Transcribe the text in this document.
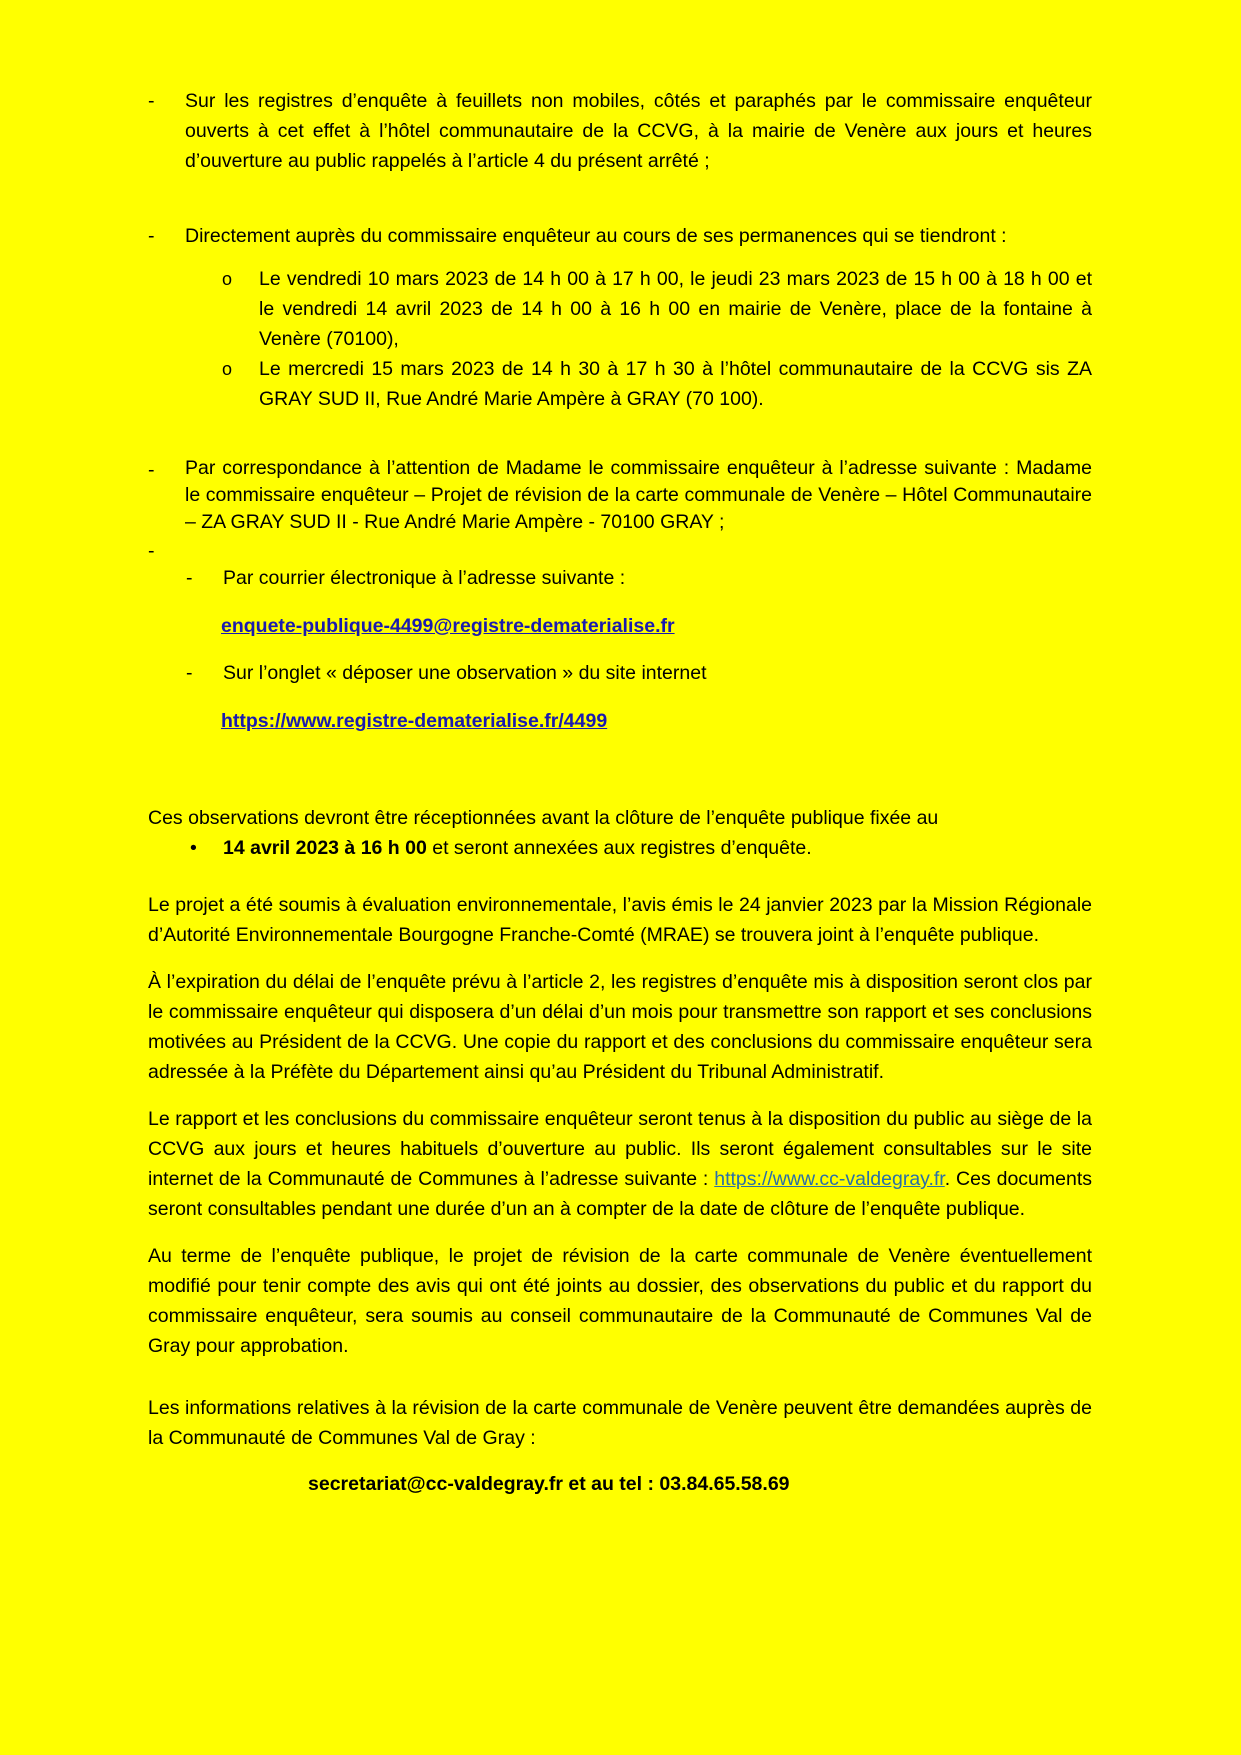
- Sur les registres d’enquête à feuillets non mobiles, côtés et paraphés par le commissaire enquêteur ouverts à cet effet à l’hôtel communautaire de la CCVG, à la mairie de Venère aux jours et heures d’ouverture au public rappelés à l’article 4 du présent arrêté ;
- Directement auprès du commissaire enquêteur au cours de ses permanences qui se tiendront :
o Le vendredi 10 mars 2023 de 14 h 00 à 17 h 00, le jeudi 23 mars 2023 de 15 h 00 à 18 h 00 et le vendredi 14 avril 2023 de 14 h 00 à 16 h 00 en mairie de Venère, place de la fontaine à Venère (70100),
o Le mercredi 15 mars 2023 de 14 h 30 à 17 h 30 à l’hôtel communautaire de la CCVG sis ZA GRAY SUD II, Rue André Marie Ampère à GRAY (70 100).
- Par correspondance à l’attention de Madame le commissaire enquêteur à l’adresse suivante : Madame le commissaire enquêteur – Projet de révision de la carte communale de Venère – Hôtel Communautaire – ZA GRAY SUD II - Rue André Marie Ampère - 70100 GRAY ;
-
- Par courrier électronique à l’adresse suivante :
enquete-publique-4499@registre-dematerialise.fr
- Sur l’onglet « déposer une observation » du site internet
https://www.registre-dematerialise.fr/4499

Ces observations devront être réceptionnées avant la clôture de l’enquête publique fixée au

• 14 avril 2023 à 16 h 00 et seront annexées aux registres d’enquête.

Le projet a été soumis à évaluation environnementale, l’avis émis le 24 janvier 2023 par la Mission Régionale d’Autorité Environnementale Bourgogne Franche-Comté (MRAE) se trouvera joint à l’enquête publique.

À l’expiration du délai de l’enquête prévu à l’article 2, les registres d’enquête mis à disposition seront clos par le commissaire enquêteur qui disposera d’un délai d’un mois pour transmettre son rapport et ses conclusions motivées au Président de la CCVG. Une copie du rapport et des conclusions du commissaire enquêteur sera adressée à la Préfète du Département ainsi qu’au Président du Tribunal Administratif.

Le rapport et les conclusions du commissaire enquêteur seront tenus à la disposition du public au siège de la CCVG aux jours et heures habituels d’ouverture au public. Ils seront également consultables sur le site internet de la Communauté de Communes à l’adresse suivante : https://www.cc-valdegray.fr. Ces documents seront consultables pendant une durée d’un an à compter de la date de clôture de l’enquête publique.

Au terme de l’enquête publique, le projet de révision de la carte communale de Venère éventuellement modifié pour tenir compte des avis qui ont été joints au dossier, des observations du public et du rapport du commissaire enquêteur, sera soumis au conseil communautaire de la Communauté de Communes Val de Gray pour approbation.

Les informations relatives à la révision de la carte communale de Venère peuvent être demandées auprès de la Communauté de Communes Val de Gray :

secretariat@cc-valdegray.fr et au tel : 03.84.65.58.69
